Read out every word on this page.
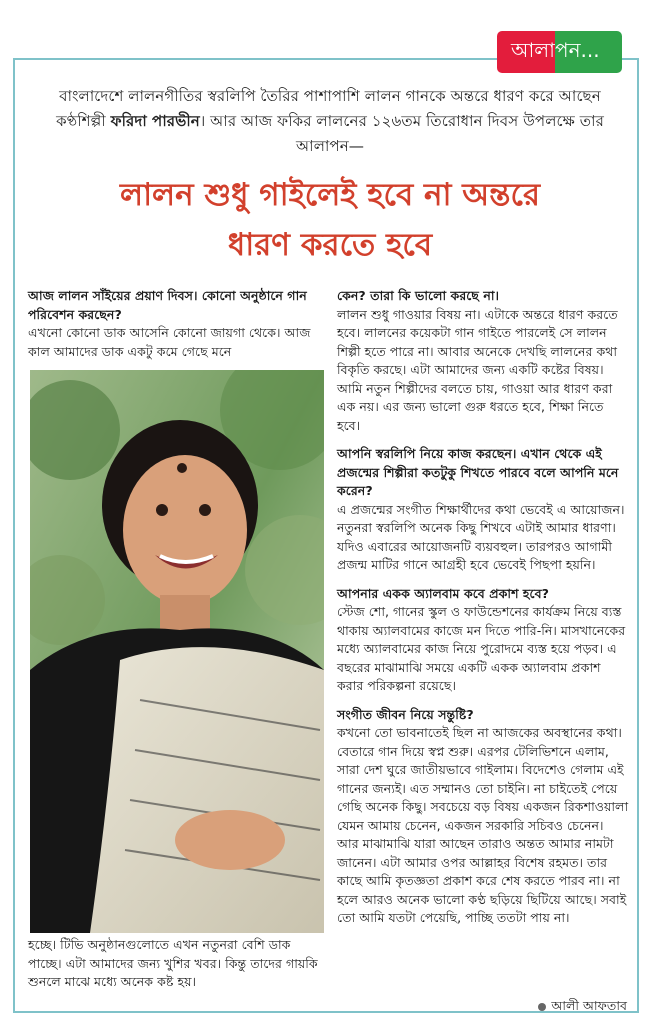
আলা পন...
বাংলাদেশে লালনগীতির স্বরলিপি তৈরির পাশাপাশি লালন গানকে অন্তরে ধারণ করে আছেন কণ্ঠশিল্পী ফরিদা পারভীন। আর আজ ফকির লালনের ১২৬তম তিরোধান দিবস উপলক্ষে তার আলাপন—
লালন শুধু গাইলেই হবে না অন্তরে
ধারণ করতে হবে
আজ লালন সাঁইয়ের প্রয়াণ দিবস। কোনো অনুষ্ঠানে গান পরিবেশন করছেন?
এখনো কোনো ডাক আসেনি কোনো জায়গা থেকে। আজ কাল আমাদের ডাক একটু কমে গেছে মনে
হচ্ছে। টিভি অনুষ্ঠানগুলোতে এখন নতুনরা বেশি ডাক পাচ্ছে। এটা আমাদের জন্য খুশির খবর। কিন্তু তাদের গায়কি শুনলে মাঝে মধ্যে অনেক কষ্ট হয়।
কেন? তারা কি ভালো করছে না।
লালন শুধু গাওয়ার বিষয় না। এটাকে অন্তরে ধারণ করতে হবে। লালনের কয়েকটা গান গাইতে পারলেই সে লালন শিল্পী হতে পারে না। আবার অনেকে দেখছি লালনের কথা বিকৃতি করছে। এটা আমাদের জন্য একটি কষ্টের বিষয়। আমি নতুন শিল্পীদের বলতে চায়, গাওয়া আর ধারণ করা এক নয়। এর জন্য ভালো গুরু ধরতে হবে, শিক্ষা নিতে হবে।
আপনি স্বরলিপি নিয়ে কাজ করছেন। এখান থেকে এই প্রজন্মের শিল্পীরা কতটুকু শিখতে পারবে বলে আপনি মনে করেন?
এ প্রজন্মের সংগীত শিক্ষার্থীদের কথা ভেবেই এ আয়োজন। নতুনরা স্বরলিপি অনেক কিছু শিখবে এটাই আমার ধারণা। যদিও এবারের আয়োজনটি ব্যয়বহুল। তারপরও আগামী প্রজন্ম মাটির গানে আগ্রহী হবে ভেবেই পিছপা হয়নি।
আপনার একক অ্যালবাম কবে প্রকাশ হবে?
স্টেজ শো, গানের স্কুল ও ফাউন্ডেশনের কার্যক্রম নিয়ে ব্যস্ত থাকায় অ্যালবামের কাজে মন দিতে পারি-নি। মাসখানেকের মধ্যে অ্যালবামের কাজ নিয়ে পুরোদমে ব্যস্ত হয়ে পড়ব। এ বছরের মাঝামাঝি সময়ে একটি একক অ্যালবাম প্রকাশ করার পরিকল্পনা রয়েছে।
সংগীত জীবন নিয়ে সন্তুষ্টি?
কখনো তো ভাবনাতেই ছিল না আজকের অবস্থানের কথা। বেতারে গান দিয়ে স্বপ্ন শুরু। এরপর টেলিভিশনে এলাম, সারা দেশ ঘুরে জাতীয়ভাবে গাইলাম। বিদেশেও গেলাম এই গানের জন্যই। এত সম্মানও তো চাইনি। না চাইতেই পেয়ে গেছি অনেক কিছু। সবচেয়ে বড় বিষয় একজন রিকশাওয়ালা যেমন আমায় চেনেন, একজন সরকারি সচিবও চেনেন। আর মাঝামাঝি যারা আছেন তারাও অন্তত আমার নামটা জানেন। এটা আমার ওপর আল্লাহর বিশেষ রহমত। তার কাছে আমি কৃতজ্ঞতা প্রকাশ করে শেষ করতে পারব না। না হলে আরও অনেক ভালো কণ্ঠ ছড়িয়ে ছিটিয়ে আছে। সবাই তো আমি যতটা পেয়েছি, পাচ্ছি ততটা পায় না।
আলী আফতাব
